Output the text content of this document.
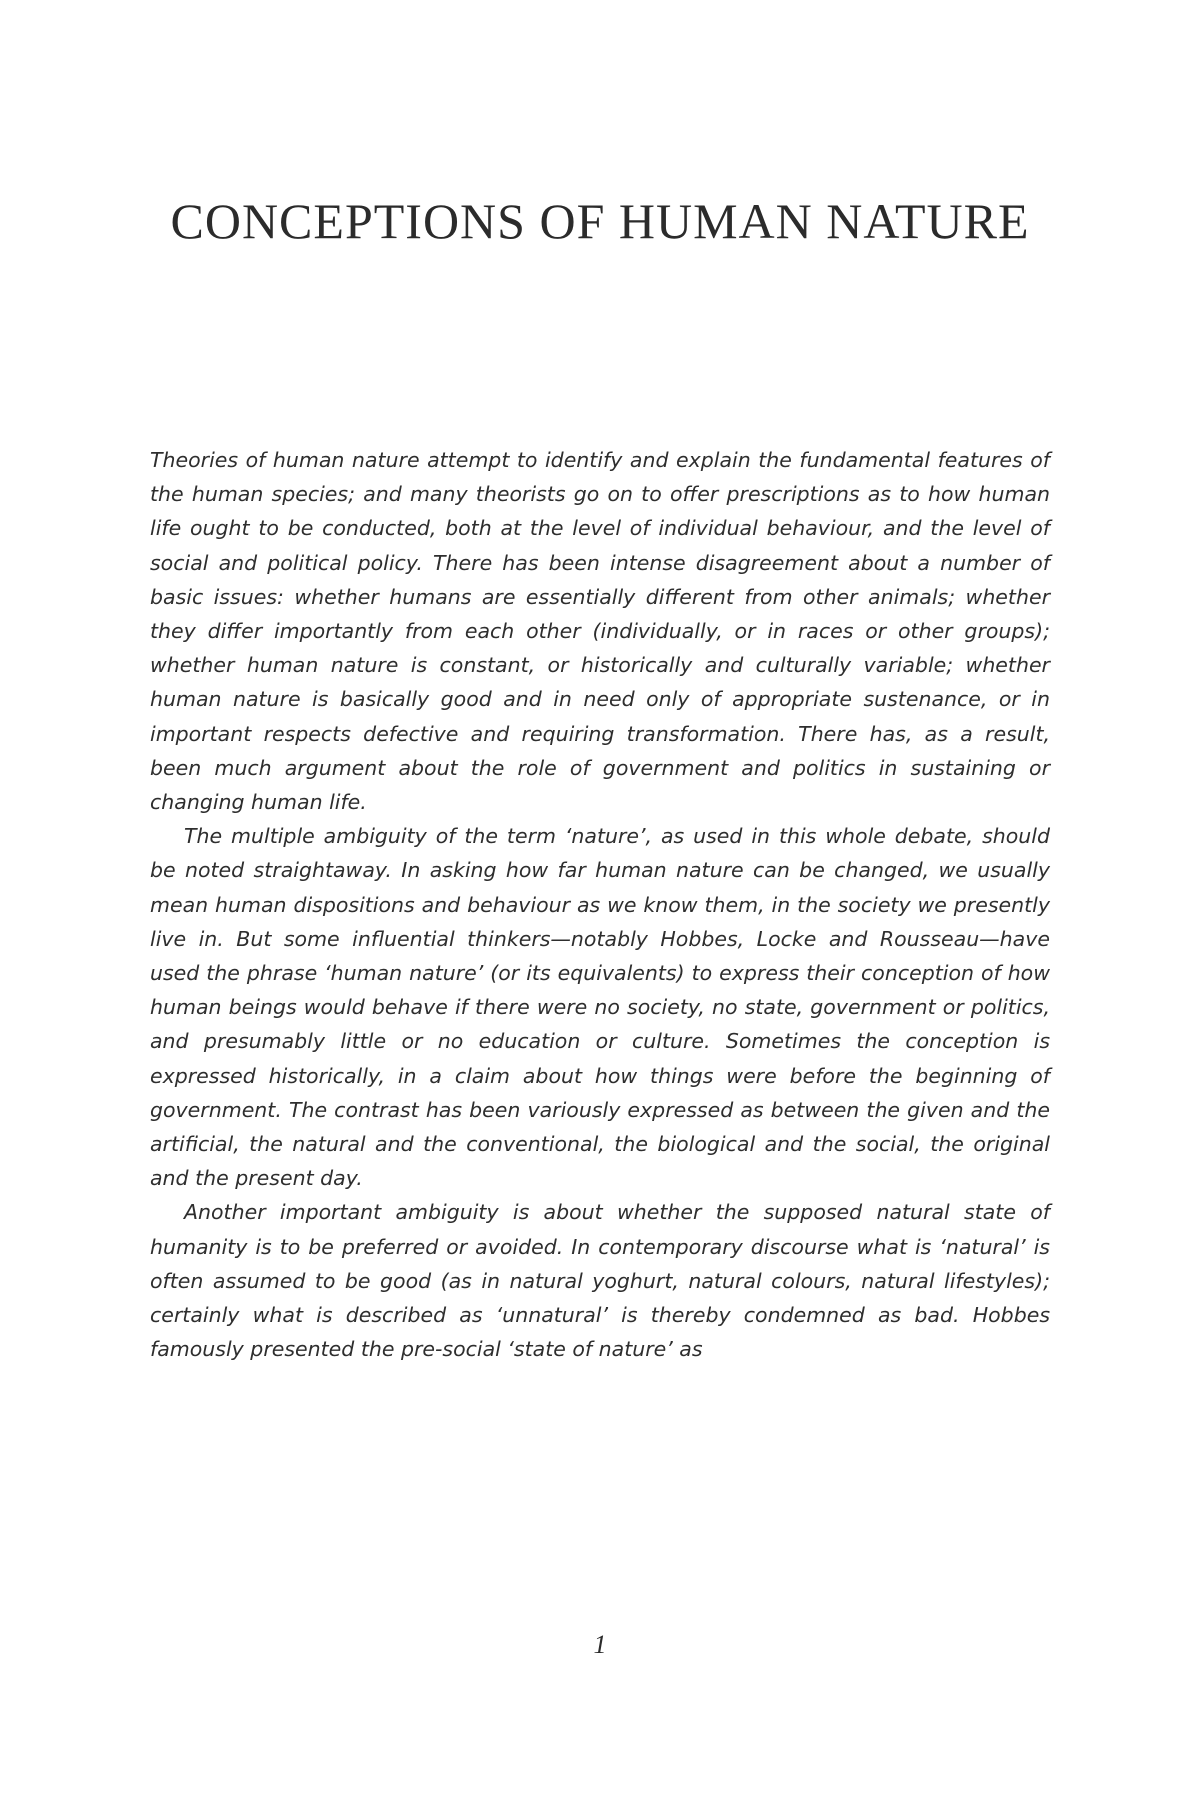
CONCEPTIONS OF HUMAN NATURE

Theories of human nature attempt to identify and explain the fundamental features of the human species; and many theorists go on to offer prescriptions as to how human life ought to be conducted, both at the level of individual behaviour, and the level of social and political policy. There has been intense disagreement about a number of basic issues: whether humans are essentially different from other animals; whether they differ importantly from each other (individually, or in races or other groups); whether human nature is constant, or historically and culturally variable; whether human nature is basically good and in need only of appropriate sustenance, or in important respects defective and requiring transformation. There has, as a result, been much argument about the role of government and politics in sustaining or changing human life.

The multiple ambiguity of the term ‘nature’, as used in this whole debate, should be noted straightaway. In asking how far human nature can be changed, we usually mean human dispositions and behaviour as we know them, in the society we presently live in. But some influential thinkers—notably Hobbes, Locke and Rousseau—have used the phrase ‘human nature’ (or its equivalents) to express their conception of how human beings would behave if there were no society, no state, government or politics, and presumably little or no education or culture. Sometimes the conception is expressed historically, in a claim about how things were before the beginning of government. The contrast has been variously expressed as between the given and the artificial, the natural and the conventional, the biological and the social, the original and the present day.

Another important ambiguity is about whether the supposed natural state of humanity is to be preferred or avoided. In contemporary discourse what is ‘natural’ is often assumed to be good (as in natural yoghurt, natural colours, natural lifestyles); certainly what is described as ‘unnatural’ is thereby condemned as bad. Hobbes famously presented the pre-social ‘state of nature’ as

1
